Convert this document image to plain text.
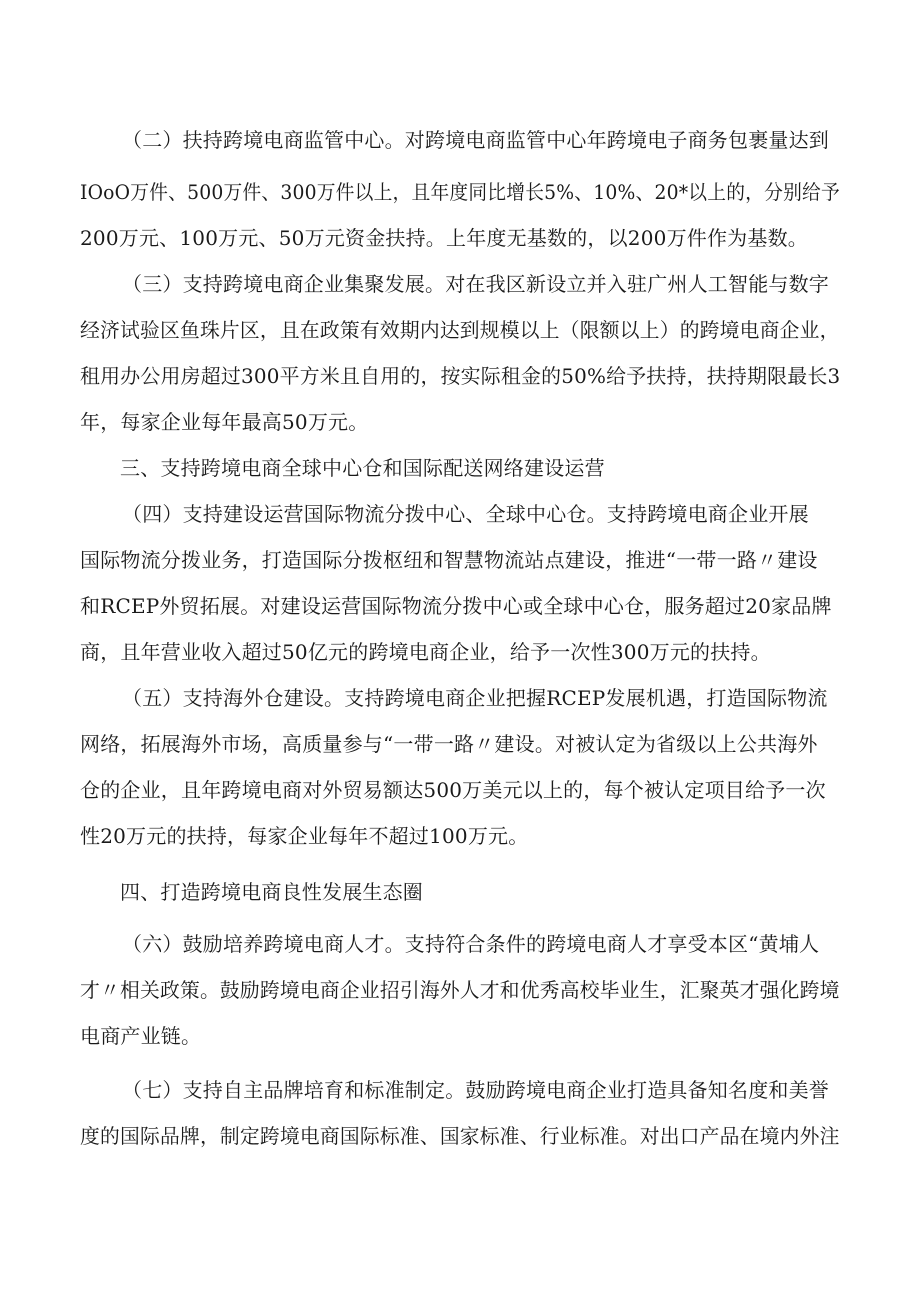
（二）扶持跨境电商监管中心。对跨境电商监管中心年跨境电子商务包裹量达到
IOoO万件、500万件、300万件以上，且年度同比增长5%、10%、20*以上的，分别给予
200万元、100万元、50万元资金扶持。上年度无基数的，以200万件作为基数。
（三）支持跨境电商企业集聚发展。对在我区新设立并入驻广州人工智能与数字
经济试验区鱼珠片区，且在政策有效期内达到规模以上（限额以上）的跨境电商企业，
租用办公用房超过300平方米且自用的，按实际租金的50%给予扶持，扶持期限最长3
年，每家企业每年最高50万元。
三、支持跨境电商全球中心仓和国际配送网络建设运营
（四）支持建设运营国际物流分拨中心、全球中心仓。支持跨境电商企业开展
国际物流分拨业务，打造国际分拨枢纽和智慧物流站点建设，推进“一带一路〃建设
和RCEP外贸拓展。对建设运营国际物流分拨中心或全球中心仓，服务超过20家品牌
商，且年营业收入超过50亿元的跨境电商企业，给予一次性300万元的扶持。
（五）支持海外仓建设。支持跨境电商企业把握RCEP发展机遇，打造国际物流
网络，拓展海外市场，高质量参与“一带一路〃建设。对被认定为省级以上公共海外
仓的企业，且年跨境电商对外贸易额达500万美元以上的，每个被认定项目给予一次
性20万元的扶持，每家企业每年不超过100万元。
四、打造跨境电商良性发展生态圈
（六）鼓励培养跨境电商人才。支持符合条件的跨境电商人才享受本区“黄埔人
才〃相关政策。鼓励跨境电商企业招引海外人才和优秀高校毕业生，汇聚英才强化跨境
电商产业链。
（七）支持自主品牌培育和标准制定。鼓励跨境电商企业打造具备知名度和美誉
度的国际品牌，制定跨境电商国际标准、国家标准、行业标准。对出口产品在境内外注
